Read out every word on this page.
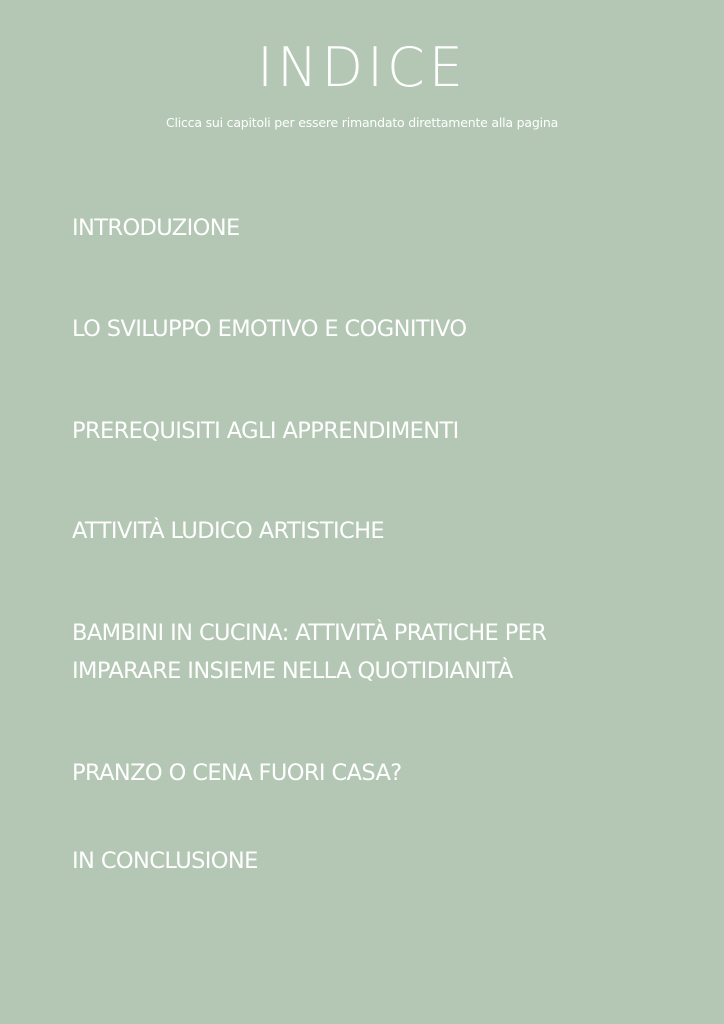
INDICE

Clicca sui capitoli per essere rimandato direttamente alla pagina

INTRODUZIONE
LO SVILUPPO EMOTIVO E COGNITIVO
PREREQUISITI AGLI APPRENDIMENTI
ATTIVITÀ LUDICO ARTISTICHE
BAMBINI IN CUCINA: ATTIVITÀ PRATICHE PER
IMPARARE INSIEME NELLA QUOTIDIANITÀ
PRANZO O CENA FUORI CASA?
IN CONCLUSIONE
